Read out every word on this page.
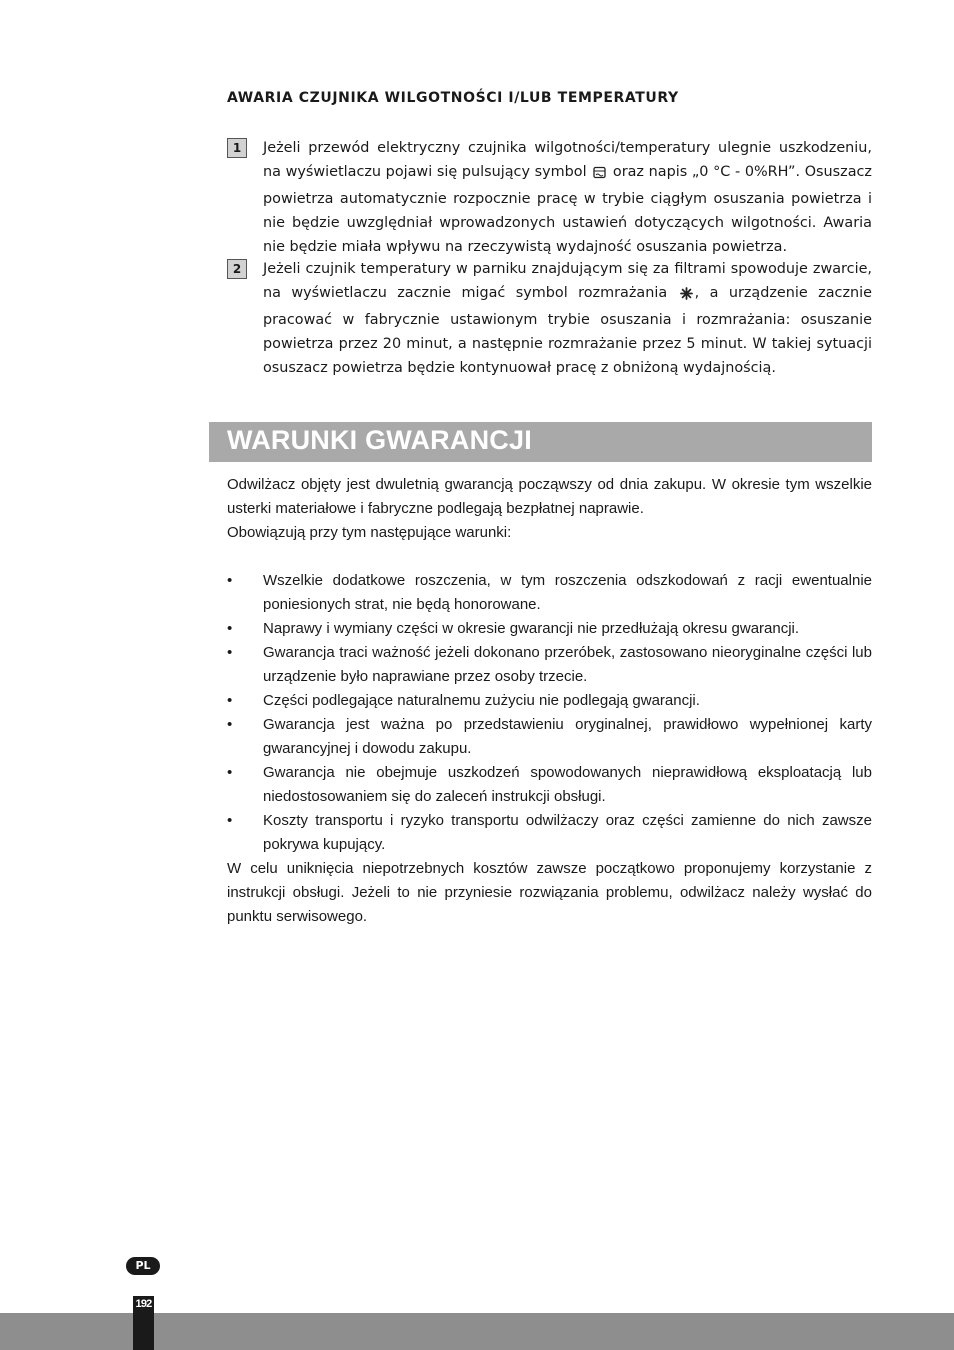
AWARIA CZUJNIKA WILGOTNOŚCI I/LUB TEMPERATURY
1	Jeżeli przewód elektryczny czujnika wilgotności/temperatury ulegnie uszkodzeniu, na wyświetlaczu pojawi się pulsujący symbol oraz napis „0 °C - 0%RH”. Osuszacz powietrza automatycznie rozpocznie pracę w trybie ciągłym osuszania powietrza i nie będzie uwzględniał wprowadzonych ustawień dotyczących wilgotności. Awaria nie będzie miała wpływu na rzeczywistą wydajność osuszania powietrza.
2	Jeżeli czujnik temperatury w parniku znajdującym się za filtrami spowoduje zwarcie, na wyświetlaczu zacznie migać symbol rozmrażania , a urządzenie zacznie pracować w fabrycznie ustawionym trybie osuszania i rozmrażania: osuszanie powietrza przez 20 minut, a następnie rozmrażanie przez 5 minut. W takiej sytuacji osuszacz powietrza będzie kontynuował pracę z obniżoną wydajnością.
WARUNKI GWARANCJI
Odwilżacz objęty jest dwuletnią gwarancją począwszy od dnia zakupu. W okresie tym wszelkie usterki materiałowe i fabryczne podlegają bezpłatnej naprawie.
Obowiązują przy tym następujące warunki:
• Wszelkie dodatkowe roszczenia, w tym roszczenia odszkodowań z racji ewentualnie poniesionych strat, nie będą honorowane.
• Naprawy i wymiany części w okresie gwarancji nie przedłużają okresu gwarancji.
• Gwarancja traci ważność jeżeli dokonano przeróbek, zastosowano nieoryginalne części lub urządzenie było naprawiane przez osoby trzecie.
• Części podlegające naturalnemu zużyciu nie podlegają gwarancji.
• Gwarancja jest ważna po przedstawieniu oryginalnej, prawidłowo wypełnionej karty gwarancyjnej i dowodu zakupu.
• Gwarancja nie obejmuje uszkodzeń spowodowanych nieprawidłową eksploatacją lub niedostosowaniem się do zaleceń instrukcji obsługi.
• Koszty transportu i ryzyko transportu odwilżaczy oraz części zamienne do nich zawsze pokrywa kupujący.
W celu uniknięcia niepotrzebnych kosztów zawsze początkowo proponujemy korzystanie z instrukcji obsługi. Jeżeli to nie przyniesie rozwiązania problemu, odwilżacz należy wysłać do punktu serwisowego.
PL
192
